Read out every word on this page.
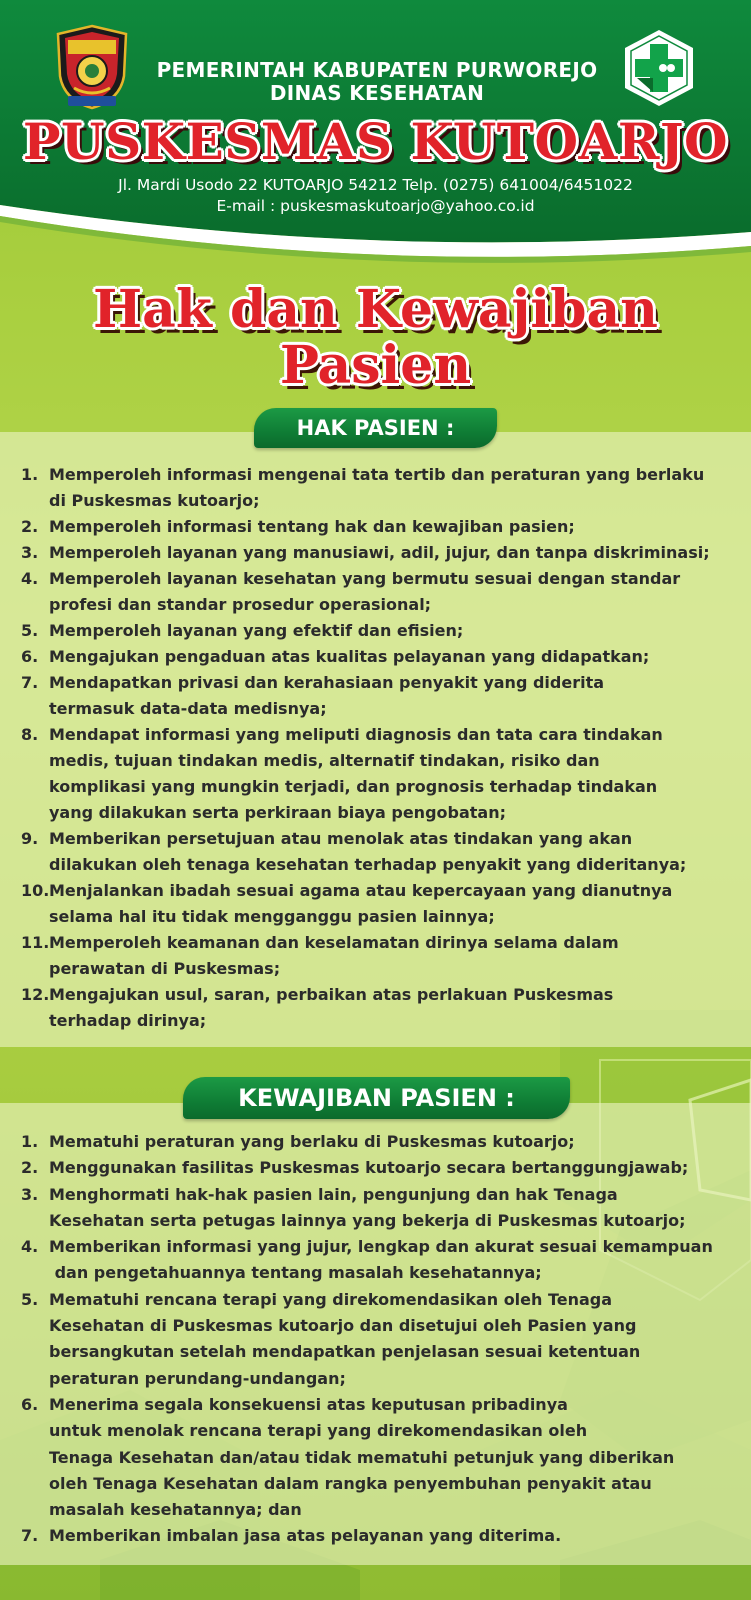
PEMERINTAH KABUPATEN PURWOREJO
DINAS KESEHATAN
PUSKESMAS KUTOARJO
Jl. Mardi Usodo 22 KUTOARJO 54212 Telp. (0275) 641004/6451022
E-mail : puskesmaskutoarjo@yahoo.co.id
Hak dan Kewajiban
Pasien
HAK PASIEN :
1. Memperoleh informasi mengenai tata tertib dan peraturan yang berlaku
di Puskesmas kutoarjo;
2. Memperoleh informasi tentang hak dan kewajiban pasien;
3. Memperoleh layanan yang manusiawi, adil, jujur, dan tanpa diskriminasi;
4. Memperoleh layanan kesehatan yang bermutu sesuai dengan standar
profesi dan standar prosedur operasional;
5. Memperoleh layanan yang efektif dan efisien;
6. Mengajukan pengaduan atas kualitas pelayanan yang didapatkan;
7. Mendapatkan privasi dan kerahasiaan penyakit yang diderita
termasuk data-data medisnya;
8. Mendapat informasi yang meliputi diagnosis dan tata cara tindakan
medis, tujuan tindakan medis, alternatif tindakan, risiko dan
komplikasi yang mungkin terjadi, dan prognosis terhadap tindakan
yang dilakukan serta perkiraan biaya pengobatan;
9. Memberikan persetujuan atau menolak atas tindakan yang akan
dilakukan oleh tenaga kesehatan terhadap penyakit yang dideritanya;
10. Menjalankan ibadah sesuai agama atau kepercayaan yang dianutnya
selama hal itu tidak mengganggu pasien lainnya;
11. Memperoleh keamanan dan keselamatan dirinya selama dalam
perawatan di Puskesmas;
12. Mengajukan usul, saran, perbaikan atas perlakuan Puskesmas
terhadap dirinya;
KEWAJIBAN PASIEN :
1. Mematuhi peraturan yang berlaku di Puskesmas kutoarjo;
2. Menggunakan fasilitas Puskesmas kutoarjo secara bertanggungjawab;
3. Menghormati hak-hak pasien lain, pengunjung dan hak Tenaga
Kesehatan serta petugas lainnya yang bekerja di Puskesmas kutoarjo;
4. Memberikan informasi yang jujur, lengkap dan akurat sesuai kemampuan
dan pengetahuannya tentang masalah kesehatannya;
5. Mematuhi rencana terapi yang direkomendasikan oleh Tenaga
Kesehatan di Puskesmas kutoarjo dan disetujui oleh Pasien yang
bersangkutan setelah mendapatkan penjelasan sesuai ketentuan
peraturan perundang-undangan;
6. Menerima segala konsekuensi atas keputusan pribadinya
untuk menolak rencana terapi yang direkomendasikan oleh
Tenaga Kesehatan dan/atau tidak mematuhi petunjuk yang diberikan
oleh Tenaga Kesehatan dalam rangka penyembuhan penyakit atau
masalah kesehatannya; dan
7. Memberikan imbalan jasa atas pelayanan yang diterima.
